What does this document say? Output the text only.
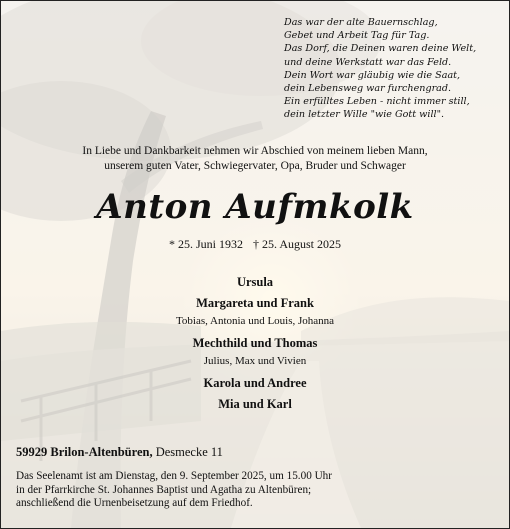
Das war der alte Bauernschlag,
Gebet und Arbeit Tag für Tag.
Das Dorf, die Deinen waren deine Welt,
und deine Werkstatt war das Feld.
Dein Wort war gläubig wie die Saat,
dein Lebensweg war furchengrad.
Ein erfülltes Leben - nicht immer still,
dein letzter Wille "wie Gott will".
In Liebe und Dankbarkeit nehmen wir Abschied von meinem lieben Mann,
unserem guten Vater, Schwiegervater, Opa, Bruder und Schwager
Anton Aufmkolk
* 25. Juni 1932 † 25. August 2025
Ursula
Margareta und Frank
Tobias, Antonia und Louis, Johanna
Mechthild und Thomas
Julius, Max und Vivien
Karola und Andree
Mia und Karl
59929 Brilon-Altenbüren, Desmecke 11
Das Seelenamt ist am Dienstag, den 9. September 2025, um 15.00 Uhr
in der Pfarrkirche St. Johannes Baptist und Agatha zu Altenbüren;
anschließend die Urnenbeisetzung auf dem Friedhof.
